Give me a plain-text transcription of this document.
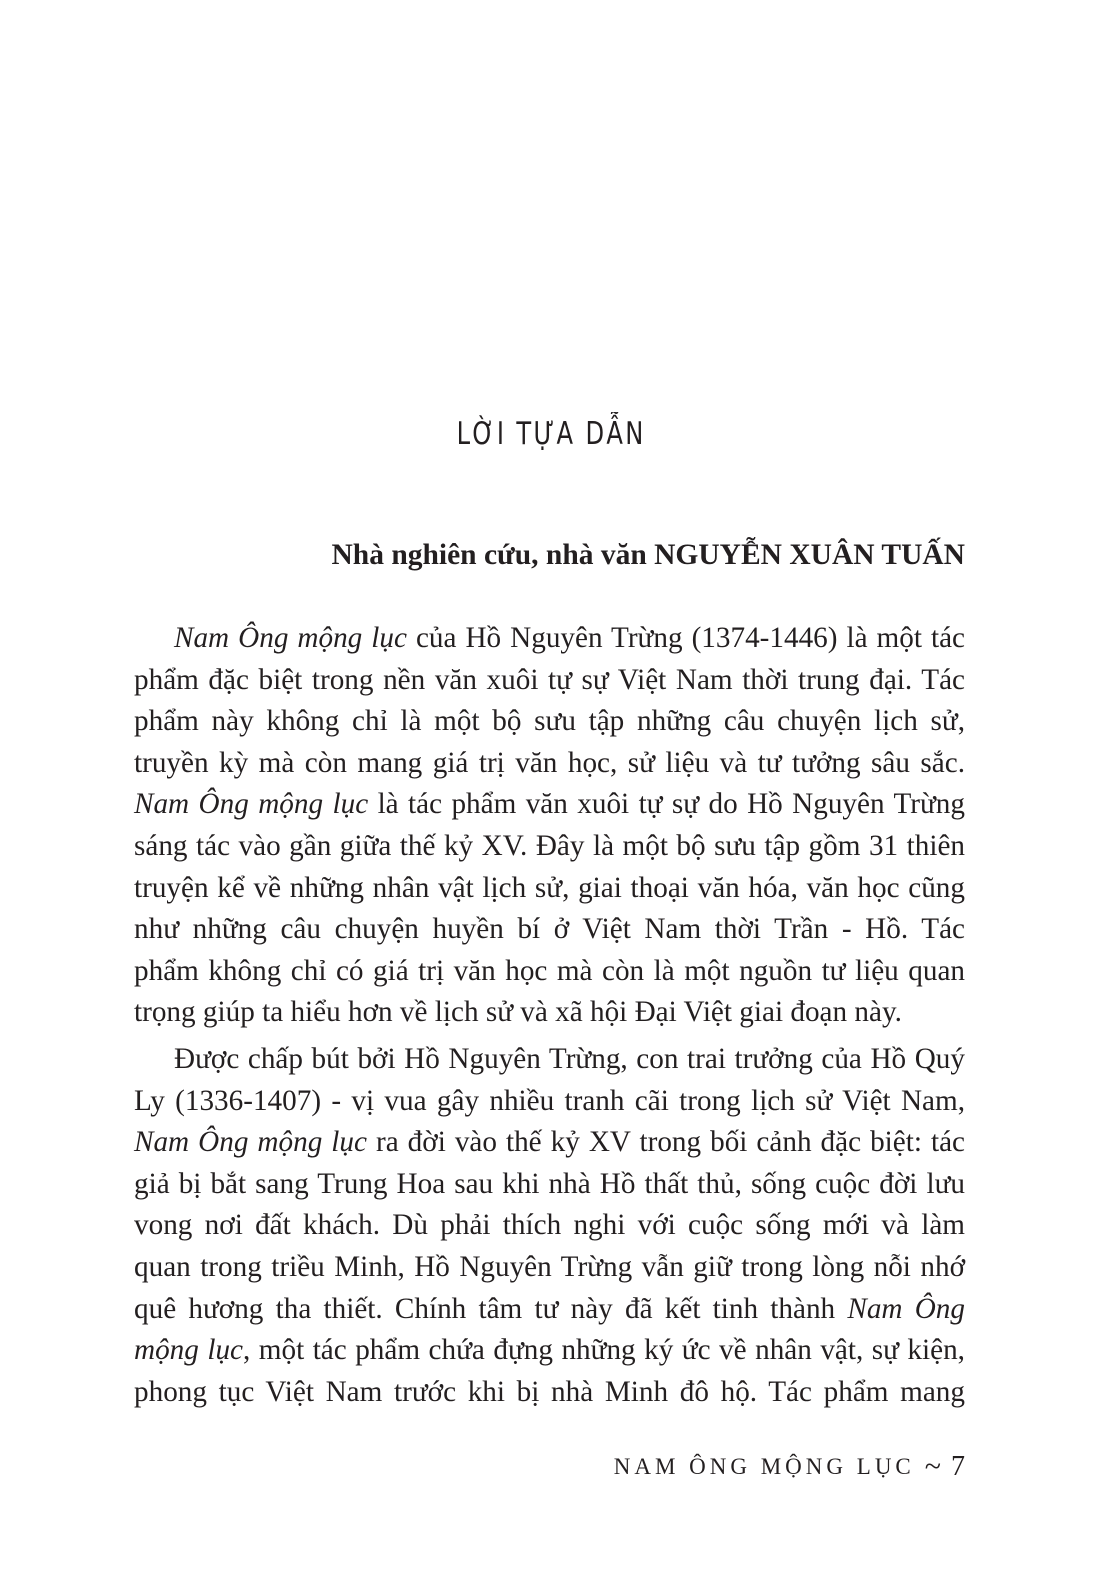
LỜI TỰA DẪN

Nhà nghiên cứu, nhà văn NGUYỄN XUÂN TUẤN

Nam Ông mộng lục của Hồ Nguyên Trừng (1374-1446) là một tác
phẩm đặc biệt trong nền văn xuôi tự sự Việt Nam thời trung đại. Tác
phẩm này không chỉ là một bộ sưu tập những câu chuyện lịch sử,
truyền kỳ mà còn mang giá trị văn học, sử liệu và tư tưởng sâu sắc.
Nam Ông mộng lục là tác phẩm văn xuôi tự sự do Hồ Nguyên Trừng
sáng tác vào gần giữa thế kỷ XV. Đây là một bộ sưu tập gồm 31 thiên
truyện kể về những nhân vật lịch sử, giai thoại văn hóa, văn học cũng
như những câu chuyện huyền bí ở Việt Nam thời Trần - Hồ. Tác
phẩm không chỉ có giá trị văn học mà còn là một nguồn tư liệu quan
trọng giúp ta hiểu hơn về lịch sử và xã hội Đại Việt giai đoạn này.
Được chấp bút bởi Hồ Nguyên Trừng, con trai trưởng của Hồ Quý
Ly (1336-1407) - vị vua gây nhiều tranh cãi trong lịch sử Việt Nam,
Nam Ông mộng lục ra đời vào thế kỷ XV trong bối cảnh đặc biệt: tác
giả bị bắt sang Trung Hoa sau khi nhà Hồ thất thủ, sống cuộc đời lưu
vong nơi đất khách. Dù phải thích nghi với cuộc sống mới và làm
quan trong triều Minh, Hồ Nguyên Trừng vẫn giữ trong lòng nỗi nhớ
quê hương tha thiết. Chính tâm tư này đã kết tinh thành Nam Ông
mộng lục, một tác phẩm chứa đựng những ký ức về nhân vật, sự kiện,
phong tục Việt Nam trước khi bị nhà Minh đô hộ. Tác phẩm mang
NAM ÔNG MỘNG LỤC ~ 7
